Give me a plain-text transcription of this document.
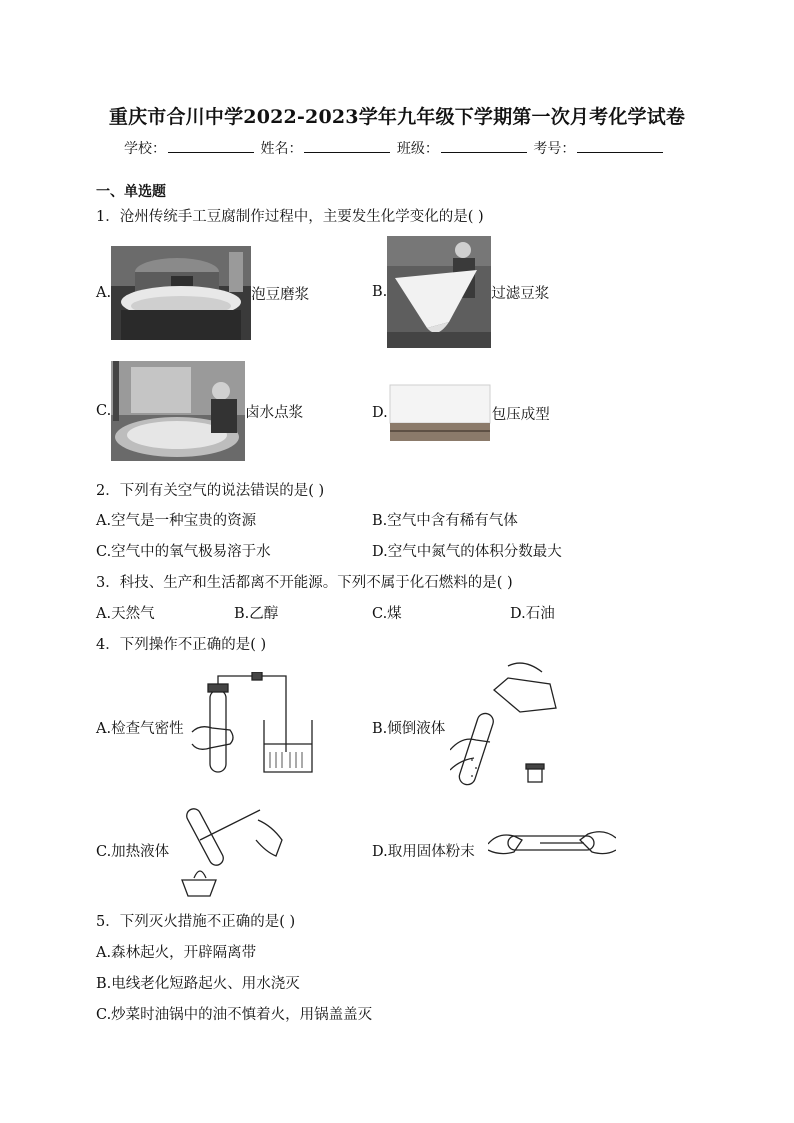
重庆市合川中学2022-2023学年九年级下学期第一次月考化学试卷
学校：	姓名：	班级：	考号：
一、单选题
1．沧州传统手工豆腐制作过程中，主要发生化学变化的是( )
A.	泡豆磨浆	B.	过滤豆浆
C.	卤水点浆	D.	包压成型
2．下列有关空气的说法错误的是( )
A.空气是一种宝贵的资源	B.空气中含有稀有气体
C.空气中的氧气极易溶于水	D.空气中氮气的体积分数最大
3．科技、生产和生活都离不开能源。下列不属于化石燃料的是( )
A.天然气	B.乙醇	C.煤	D.石油
4．下列操作不正确的是( )
A.检查气密性	B.倾倒液体
C.加热液体	D.取用固体粉末
5．下列灭火措施不正确的是( )
A.森林起火，开辟隔离带
B.电线老化短路起火、用水浇灭
C.炒菜时油锅中的油不慎着火，用锅盖盖灭
